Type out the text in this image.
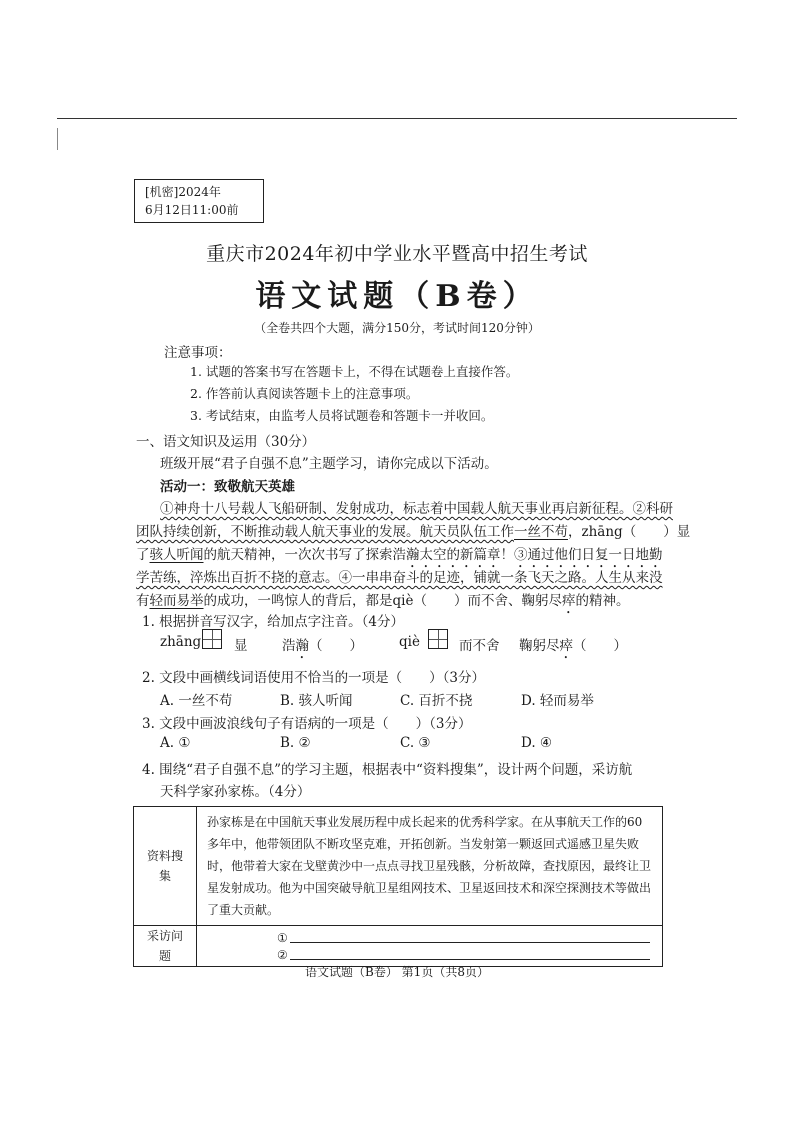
[机密]2024年
6月12日11:00前
重庆市2024年初中学业水平暨高中招生考试
语文试题（B卷）
（全卷共四个大题，满分150分，考试时间120分钟）
注意事项：
1. 试题的答案书写在答题卡上，不得在试题卷上直接作答。
2. 作答前认真阅读答题卡上的注意事项。
3. 考试结束，由监考人员将试题卷和答题卡一并收回。
一、语文知识及运用（30分）
班级开展“君子自强不息”主题学习，请你完成以下活动。
活动一：致敬航天英雄
①神舟十八号载人飞船研制、发射成功，标志着中国载人航天事业再启新征程。②科研
团队持续创新，不断推动载人航天事业的发展。航天员队伍工作一丝不苟，zhāng（　　）显
了骇人听闻的航天精神，一次次书写了探索浩瀚太空的新篇章！③通过他们日复一日地勤
学苦练，淬炼出百折不挠的意志。④一串串奋斗的足迹，铺就一条飞天之路。人生从来没
有轻而易举的成功，一鸣惊人的背后，都是qiè（　　）而不舍、鞠躬尽瘁的精神。
1. 根据拼音写汉字，给加点字注音。（4分）
zhāng 显	浩瀚（　　）	qiè	而不舍 鞠躬尽瘁（　　）
2. 文段中画横线词语使用不恰当的一项是（　　）（3分）
A. 一丝不苟	B. 骇人听闻	C. 百折不挠	D. 轻而易举
3. 文段中画波浪线句子有语病的一项是（　　）（3分）
A. ①	B. ②	C. ③	D. ④
4. 围绕“君子自强不息”的学习主题，根据表中“资料搜集”，设计两个问题，采访航
天科学家孙家栋。（4分）
资料搜集	孙家栋是在中国航天事业发展历程中成长起来的优秀科学家。在从事航天工作的60多年中，他带领团队不断攻坚克难，开拓创新。当发射第一颗返回式遥感卫星失败时，他带着大家在戈壁黄沙中一点点寻找卫星残骸，分析故障，查找原因，最终让卫星发射成功。他为中国突破导航卫星组网技术、卫星返回技术和深空探测技术等做出了重大贡献。
采访问题	①
②
语文试题（B卷） 第1页（共8页）
